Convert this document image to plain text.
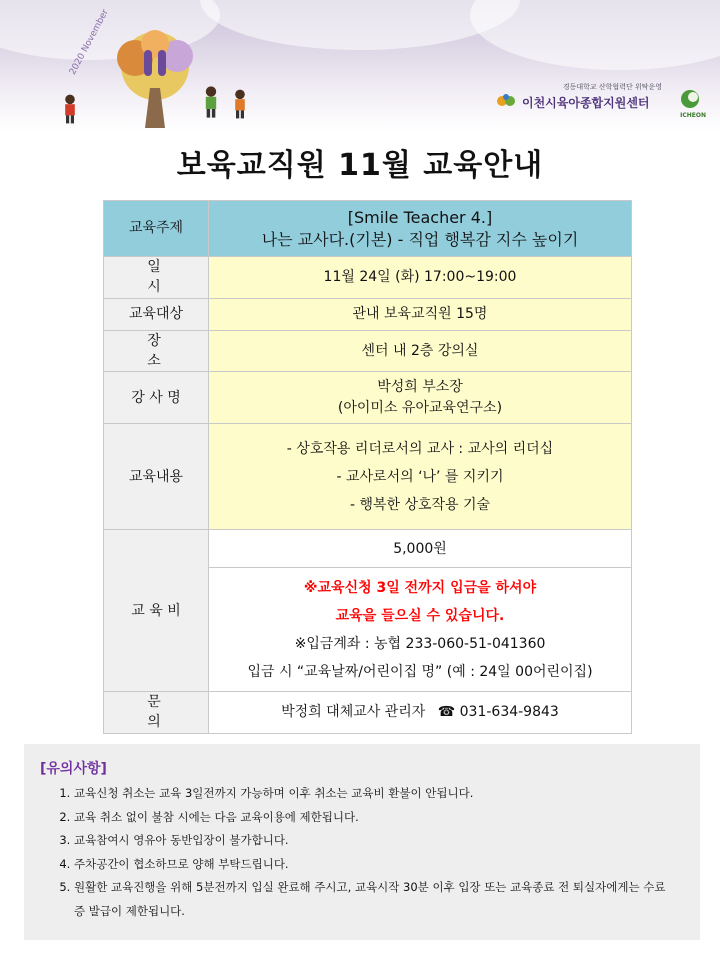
2020 November
경동대학교 산학협력단 위탁운영
이천시육아종합지원센터
ICHEON
보육교직원 11월 교육안내
교육주제	[Smile Teacher 4.]
나는 교사다.(기본) - 직업 행복감 지수 높이기

일 시	11월 24일 (화) 17:00~19:00
교육대상	관내 보육교직원 15명
장 소	센터 내 2층 강의실
강 사 명	박성희 부소장
(아이미소 유아교육연구소)

교육내용	- 상호작용 리더로서의 교사 : 교사의 리더십
- 교사로서의 ‘나’ 를 지키기
- 행복한 상호작용 기술

교 육 비	5,000원

	※교육신청 3일 전까지 입금을 하셔야
교육을 들으실 수 있습니다.
※입금계좌 : 농협 233-060-51-041360
입금 시 “교육날짜/어린이집 명” (예 : 24일 00어린이집)

문 의	박정희 대체교사 관리자 ☎ 031-634-9843
[유의사항]
1. 교육신청 취소는 교육 3일전까지 가능하며 이후 취소는 교육비 환불이 안됩니다.
2. 교육 취소 없이 불참 시에는 다음 교육이용에 제한됩니다.
3. 교육참여시 영유아 동반입장이 불가합니다.
4. 주차공간이 협소하므로 양해 부탁드립니다.
5. 원활한 교육진행을 위해 5분전까지 입실 완료해 주시고, 교육시작 30분 이후 입장 또는 교육종료 전 퇴실자에게는 수료증 발급이 제한됩니다.
